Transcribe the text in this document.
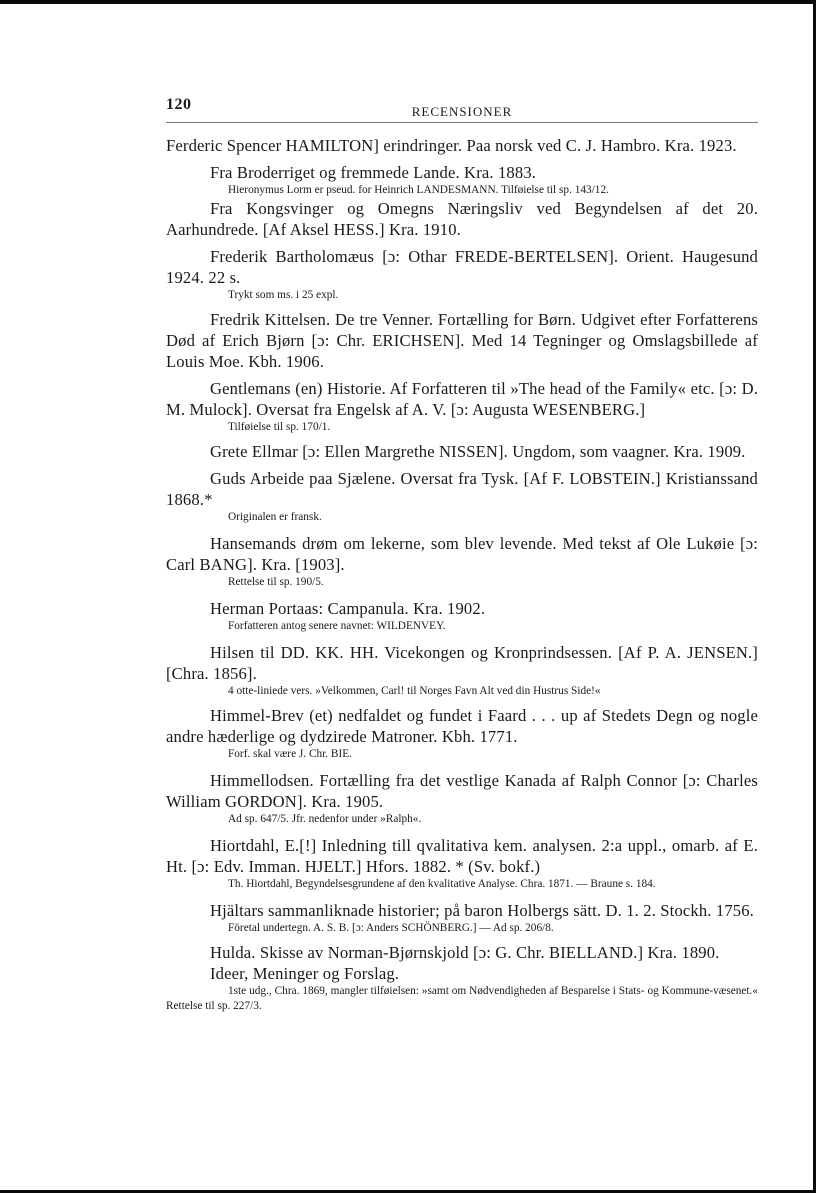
120	RECENSIONER

Ferderic Spencer HAMILTON] erindringer. Paa norsk ved C. J. Hambro. Kra. 1923.

Fra Broderriget og fremmede Lande. Kra. 1883.

Hieronymus Lorm er pseud. for Heinrich LANDESMANN. Tilføielse til sp. 143/12.

Fra Kongsvinger og Omegns Næringsliv ved Begyndelsen af det 20. Aarhundrede. [Af Aksel HESS.] Kra. 1910.

Frederik Bartholomæus [ɔ: Othar FREDE-BERTELSEN]. Orient. Haugesund 1924. 22 s.

Trykt som ms. i 25 expl.

Fredrik Kittelsen. De tre Venner. Fortælling for Børn. Udgivet efter Forfatterens Død af Erich Bjørn [ɔ: Chr. ERICHSEN]. Med 14 Tegninger og Omslagsbillede af Louis Moe. Kbh. 1906.

Gentlemans (en) Historie. Af Forfatteren til »The head of the Family« etc. [ɔ: D. M. Mulock]. Oversat fra Engelsk af A. V. [ɔ: Augusta WESENBERG.]

Tilføielse til sp. 170/1.

Grete Ellmar [ɔ: Ellen Margrethe NISSEN]. Ungdom, som vaagner. Kra. 1909.

Guds Arbeide paa Sjælene. Oversat fra Tysk. [Af F. LOBSTEIN.] Kristianssand 1868.*

Originalen er fransk.

Hansemands drøm om lekerne, som blev levende. Med tekst af Ole Lukøie [ɔ: Carl BANG]. Kra. [1903].

Rettelse til sp. 190/5.

Herman Portaas: Campanula. Kra. 1902.

Forfatteren antog senere navnet: WILDENVEY.

Hilsen til DD. KK. HH. Vicekongen og Kronprindsessen. [Af P. A. JENSEN.] [Chra. 1856].

4 otte-liniede vers. »Velkommen, Carl! til Norges Favn Alt ved din Hustrus Side!«

Himmel-Brev (et) nedfaldet og fundet i Faard . . . up af Stedets Degn og nogle andre hæderlige og dydzirede Matroner. Kbh. 1771.

Forf. skal være J. Chr. BIE.

Himmellodsen. Fortælling fra det vestlige Kanada af Ralph Connor [ɔ: Charles William GORDON]. Kra. 1905.

Ad sp. 647/5. Jfr. nedenfor under »Ralph«.

Hiortdahl, E.[!] Inledning till qvalitativa kem. analysen. 2:a uppl., omarb. af E. Ht. [ɔ: Edv. Imman. HJELT.] Hfors. 1882. * (Sv. bokf.)

Th. Hiortdahl, Begyndelsesgrundene af den kvalitative Analyse. Chra. 1871. — Braune s. 184.

Hjältars sammanliknade historier; på baron Holbergs sätt. D. 1. 2. Stockh. 1756.

Företal undertegn. A. S. B. [ɔ: Anders SCHÖNBERG.] — Ad sp. 206/8.

Hulda. Skisse av Norman-Bjørnskjold [ɔ: G. Chr. BIELLAND.] Kra. 1890.

Ideer, Meninger og Forslag.

1ste udg., Chra. 1869, mangler tilføielsen: »samt om Nødvendigheden af Besparelse i Stats- og Kommune-væsenet.« Rettelse til sp. 227/3.
